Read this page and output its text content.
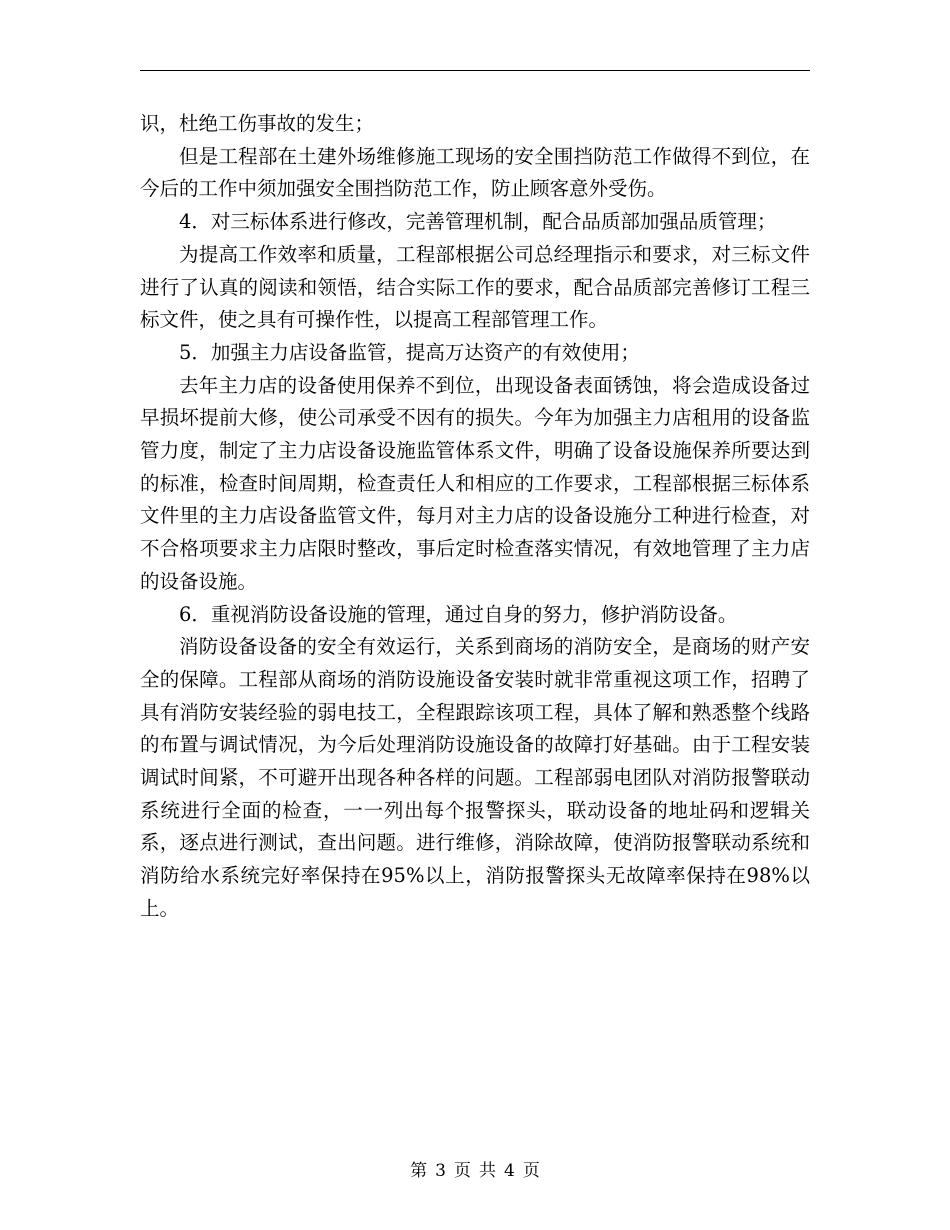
识，杜绝工伤事故的发生；

但是工程部在土建外场维修施工现场的安全围挡防范工作做得不到位，在今后的工作中须加强安全围挡防范工作，防止顾客意外受伤。

4．对三标体系进行修改，完善管理机制，配合品质部加强品质管理；

为提高工作效率和质量，工程部根据公司总经理指示和要求，对三标文件进行了认真的阅读和领悟，结合实际工作的要求，配合品质部完善修订工程三标文件，使之具有可操作性，以提高工程部管理工作。

5．加强主力店设备监管，提高万达资产的有效使用；

去年主力店的设备使用保养不到位，出现设备表面锈蚀，将会造成设备过早损坏提前大修，使公司承受不因有的损失。今年为加强主力店租用的设备监管力度，制定了主力店设备设施监管体系文件，明确了设备设施保养所要达到的标准，检查时间周期，检查责任人和相应的工作要求，工程部根据三标体系文件里的主力店设备监管文件，每月对主力店的设备设施分工种进行检查，对不合格项要求主力店限时整改，事后定时检查落实情况，有效地管理了主力店的设备设施。

6．重视消防设备设施的管理，通过自身的努力，修护消防设备。

消防设备设备的安全有效运行，关系到商场的消防安全，是商场的财产安全的保障。工程部从商场的消防设施设备安装时就非常重视这项工作，招聘了具有消防安装经验的弱电技工，全程跟踪该项工程，具体了解和熟悉整个线路的布置与调试情况，为今后处理消防设施设备的故障打好基础。由于工程安装调试时间紧，不可避开出现各种各样的问题。工程部弱电团队对消防报警联动系统进行全面的检查，一一列出每个报警探头，联动设备的地址码和逻辑关系，逐点进行测试，查出问题。进行维修，消除故障，使消防报警联动系统和消防给水系统完好率保持在95%以上，消防报警探头无故障率保持在98%以上。

第 3 页 共 4 页
